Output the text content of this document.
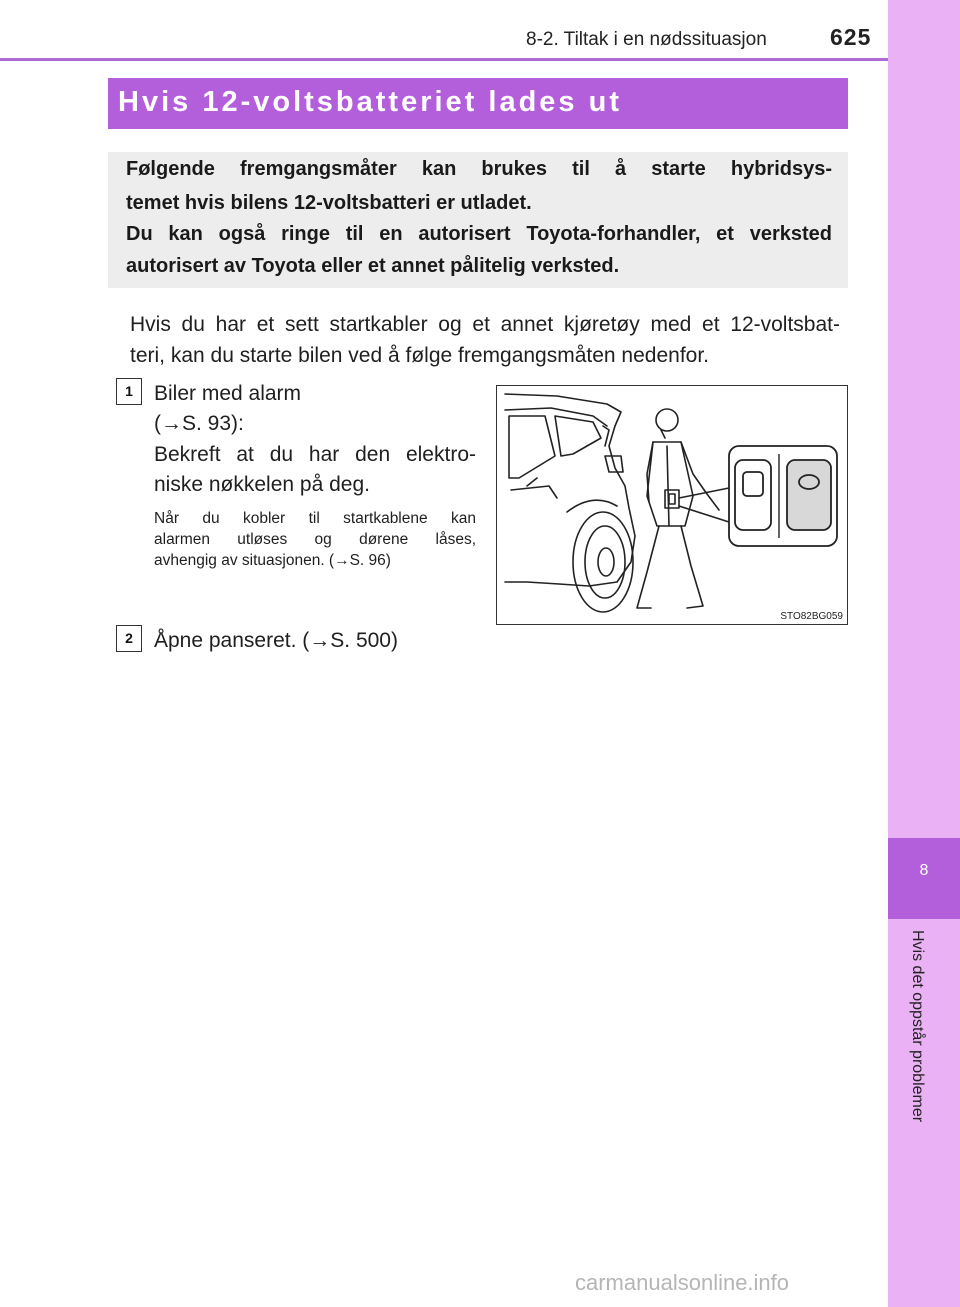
8-2. Tiltak i en nødssituasjon	625
8
Hvis det oppstår problemer
Hvis 12-voltsbatteriet lades ut
Følgende fremgangsmåter kan brukes til å starte hybridsys-
temet hvis bilens 12-voltsbatteri er utladet.
Du kan også ringe til en autorisert Toyota-forhandler, et verksted
autorisert av Toyota eller et annet pålitelig verksted.
Hvis du har et sett startkabler og et annet kjøretøy med et 12-voltsbat-
teri, kan du starte bilen ved å følge fremgangsmåten nedenfor.
1	Biler med alarm
(→S. 93):
Bekreft at du har den elektro-
niske nøkkelen på deg.
Når du kobler til startkablene kan
alarmen utløses og dørene låses,
avhengig av situasjonen. (→S. 96)
STO82BG059
2	Åpne panseret. (→S. 500)
carmanualsonline.info
